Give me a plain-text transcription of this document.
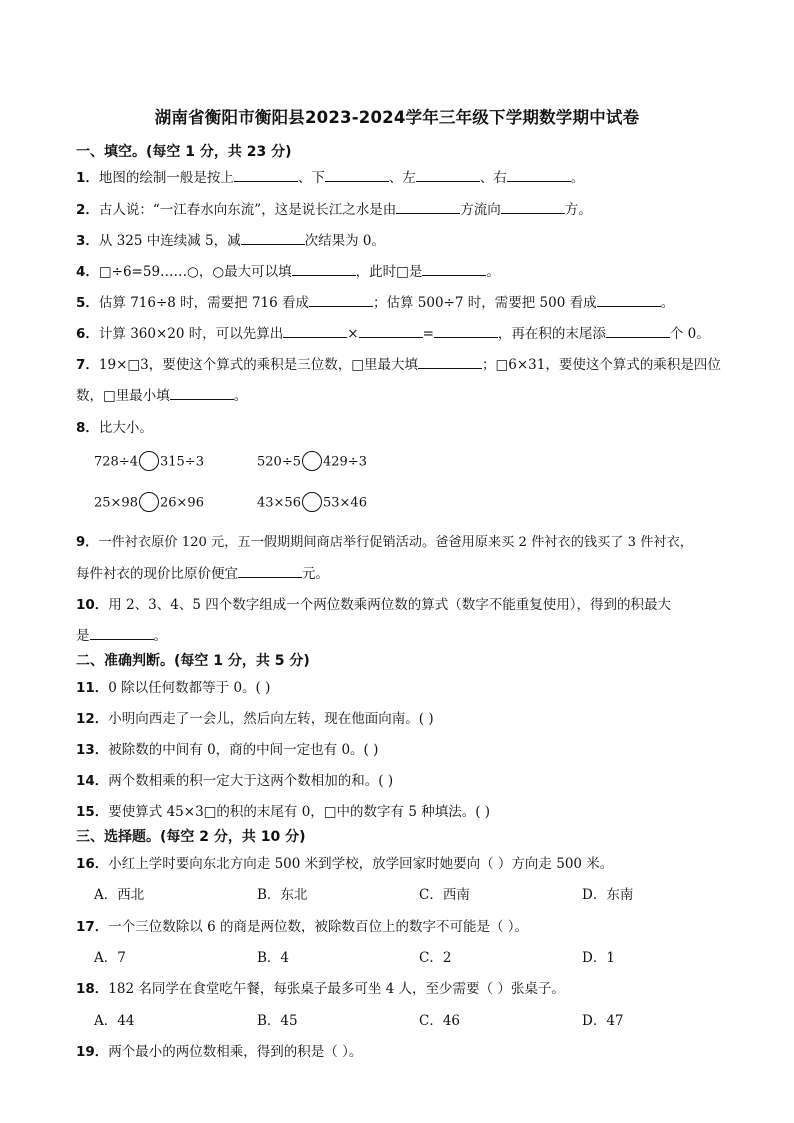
湖南省衡阳市衡阳县2023-2024学年三年级下学期数学期中试卷
一、填空。(每空 1 分，共 23 分)
1．地图的绘制一般是按上	、下	、左	、右	。
2．古人说：“一江春水向东流”，这是说长江之水是由	方流向	方。
3．从 325 中连续减 5，减	次结果为 0。
4．□÷6=59……○，○最大可以填	，此时□是	。
5．估算 716÷8 时，需要把 716 看成	；估算 500÷7 时，需要把 500 看成	。
6．计算 360×20 时，可以先算出	×	=	，再在积的末尾添	个 0。
7．19×□3，要使这个算式的乘积是三位数，□里最大填	；□6×31，要使这个算式的乘积是四位
数，□里最小填	。
8．比大小。
728÷4 315÷3	520÷5 429÷3
25×98 26×96	43×56 53×46
9．一件衬衣原价 120 元，五一假期期间商店举行促销活动。爸爸用原来买 2 件衬衣的钱买了 3 件衬衣，
每件衬衣的现价比原价便宜	元。
10．用 2、3、4、5 四个数字组成一个两位数乘两位数的算式（数字不能重复使用），得到的积最大
是	。
二、准确判断。(每空 1 分，共 5 分)
11．0 除以任何数都等于 0。( )
12．小明向西走了一会儿，然后向左转，现在他面向南。( )
13．被除数的中间有 0，商的中间一定也有 0。( )
14．两个数相乘的积一定大于这两个数相加的和。( )
15．要使算式 45×3□的积的末尾有 0，□中的数字有 5 种填法。( )
三、选择题。(每空 2 分，共 10 分)
16．小红上学时要向东北方向走 500 米到学校，放学回家时她要向（ ）方向走 500 米。
A．西北	B．东北	C．西南	D．东南
17．一个三位数除以 6 的商是两位数，被除数百位上的数字不可能是（ ）。
A．7	B．4	C．2	D．1
18．182 名同学在食堂吃午餐，每张桌子最多可坐 4 人，至少需要（ ）张桌子。
A．44	B．45	C．46	D．47
19．两个最小的两位数相乘，得到的积是（ ）。
